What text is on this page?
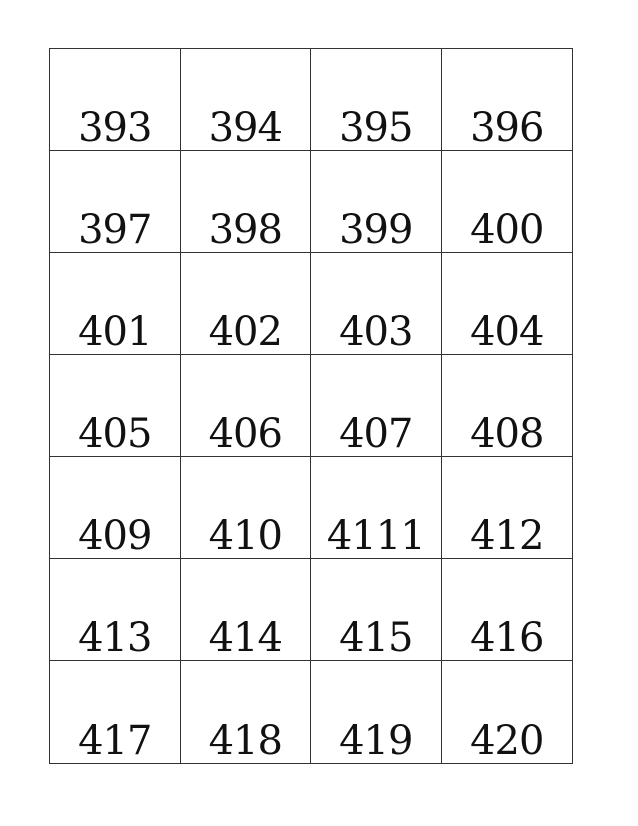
393 394 395 396
397 398 399 400
401 402 403 404
405 406 407 408
409 410 4111 412
413 414 415 416
417 418 419 420
